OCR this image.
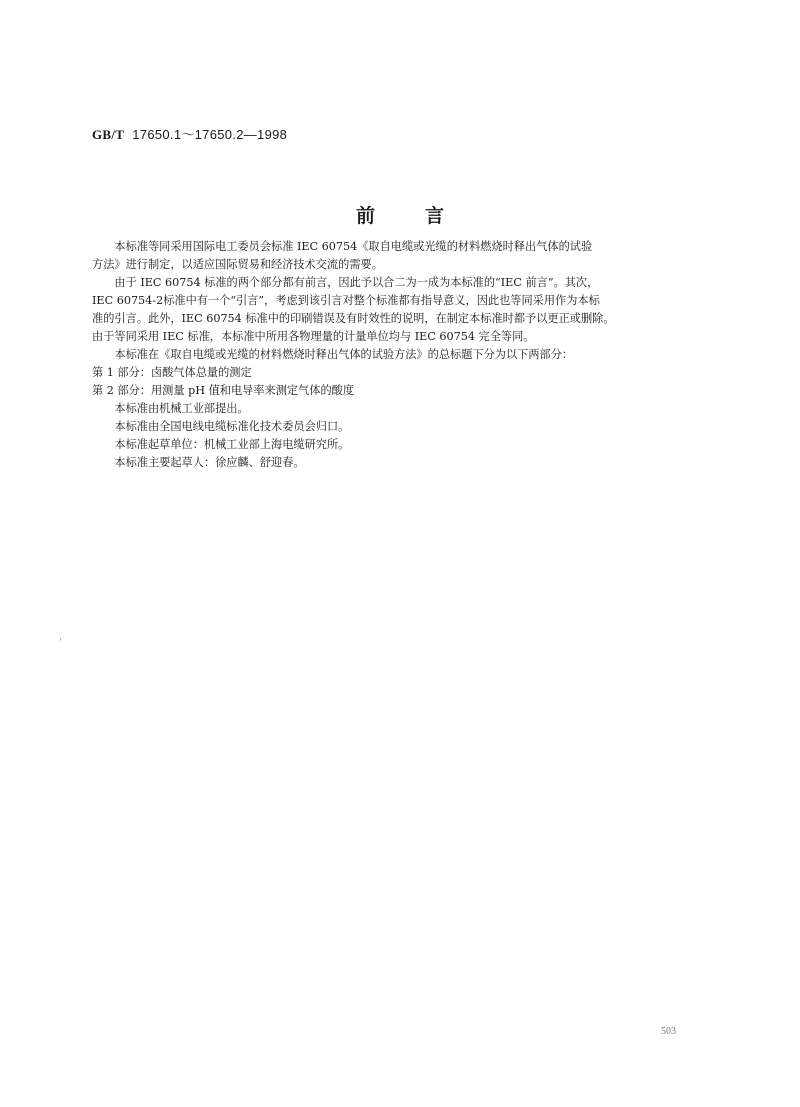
GB/T 17650.1～17650.2—1998
前	言
本标准等同采用国际电工委员会标准 IEC 60754《取自电缆或光缆的材料燃烧时释出气体的试验
方法》进行制定，以适应国际贸易和经济技术交流的需要。
由于 IEC 60754 标准的两个部分都有前言，因此予以合二为一成为本标准的“IEC 前言”。其次，
IEC 60754-2标准中有一个“引言”，考虑到该引言对整个标准都有指导意义，因此也等同采用作为本标
准的引言。此外，IEC 60754 标准中的印刷错误及有时效性的说明，在制定本标准时都予以更正或删除。
由于等同采用 IEC 标准，本标准中所用各物理量的计量单位均与 IEC 60754 完全等同。
本标准在《取自电缆或光缆的材料燃烧时释出气体的试验方法》的总标题下分为以下两部分：
第 1 部分：卤酸气体总量的测定
第 2 部分：用测量 pH 值和电导率来测定气体的酸度
本标准由机械工业部提出。
本标准由全国电线电缆标准化技术委员会归口。
本标准起草单位：机械工业部上海电缆研究所。
本标准主要起草人：徐应麟、舒迎春。
503
